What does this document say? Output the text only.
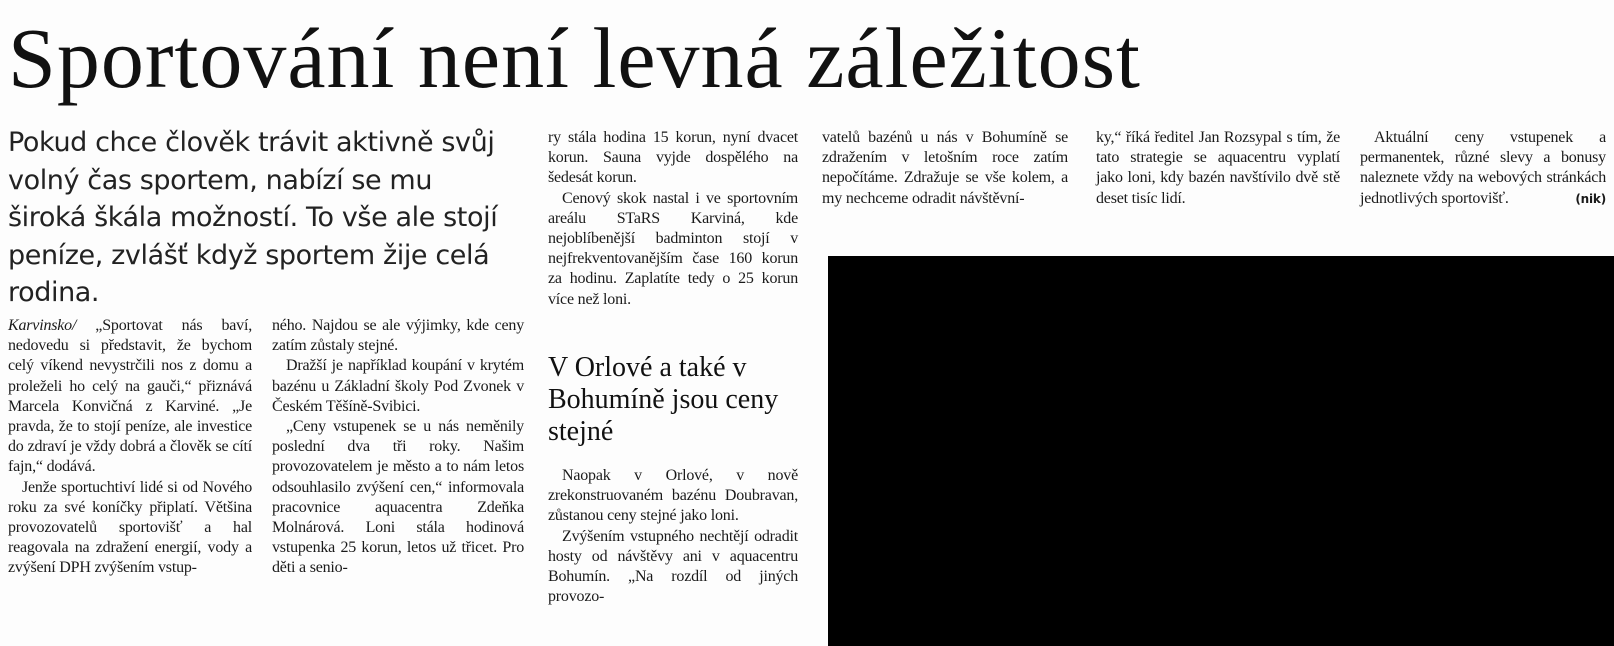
Sportování není levná záležitost

Pokud chce člověk trávit aktivně svůj volný čas sportem, nabízí se mu široká škála možností. To vše ale stojí peníze, zvlášť když sportem žije celá rodina.

Karvinsko/ „Sportovat nás baví, nedovedu si představit, že bychom celý víkend nevystrčili nos z domu a proleželi ho celý na gauči,“ přiznává Marcela Konvičná z Karviné. „Je pravda, že to stojí peníze, ale investice do zdraví je vždy dobrá a člověk se cítí fajn,“ dodává.

Jenže sportuchtiví lidé si od Nového roku za své koníčky připlatí. Většina provozovatelů sportovišť a hal reagovala na zdražení energií, vody a zvýšení DPH zvýšením vstup-

ného. Najdou se ale výjimky, kde ceny zatím zůstaly stejné.

Dražší je například koupání v krytém bazénu u Základní školy Pod Zvonek v Českém Těšíně-Svibici.

„Ceny vstupenek se u nás neměnily poslední dva tři roky. Našim provozovatelem je město a to nám letos odsouhlasilo zvýšení cen,“ informovala pracovnice aquacentra Zdeňka Molnárová. Loni stála hodinová vstupenka 25 korun, letos už třicet. Pro děti a senio-

ry stála hodina 15 korun, nyní dvacet korun. Sauna vyjde dospělého na šedesát korun.

Cenový skok nastal i ve sportovním areálu STaRS Karviná, kde nejoblíbenější badminton stojí v nejfrekventovanějším čase 160 korun za hodinu. Zaplatíte tedy o 25 korun více než loni.

V Orlové a také v Bohumíně jsou ceny stejné

Naopak v Orlové, v nově zrekonstruovaném bazénu Doubravan, zůstanou ceny stejné jako loni.

Zvýšením vstupného nechtějí odradit hosty od návštěvy ani v aquacentru Bohumín. „Na rozdíl od jiných provozo-

vatelů bazénů u nás v Bohumíně se zdražením v letošním roce zatím nepočítáme. Zdražuje se vše kolem, a my nechceme odradit návštěvní-

ky,“ říká ředitel Jan Rozsypal s tím, že tato strategie se aquacentru vyplatí jako loni, kdy bazén navštívilo dvě stě deset tisíc lidí.

Aktuální ceny vstupenek a permanentek, různé slevy a bonusy naleznete vždy na webových stránkách jednotlivých sportovišť.	(nik)
